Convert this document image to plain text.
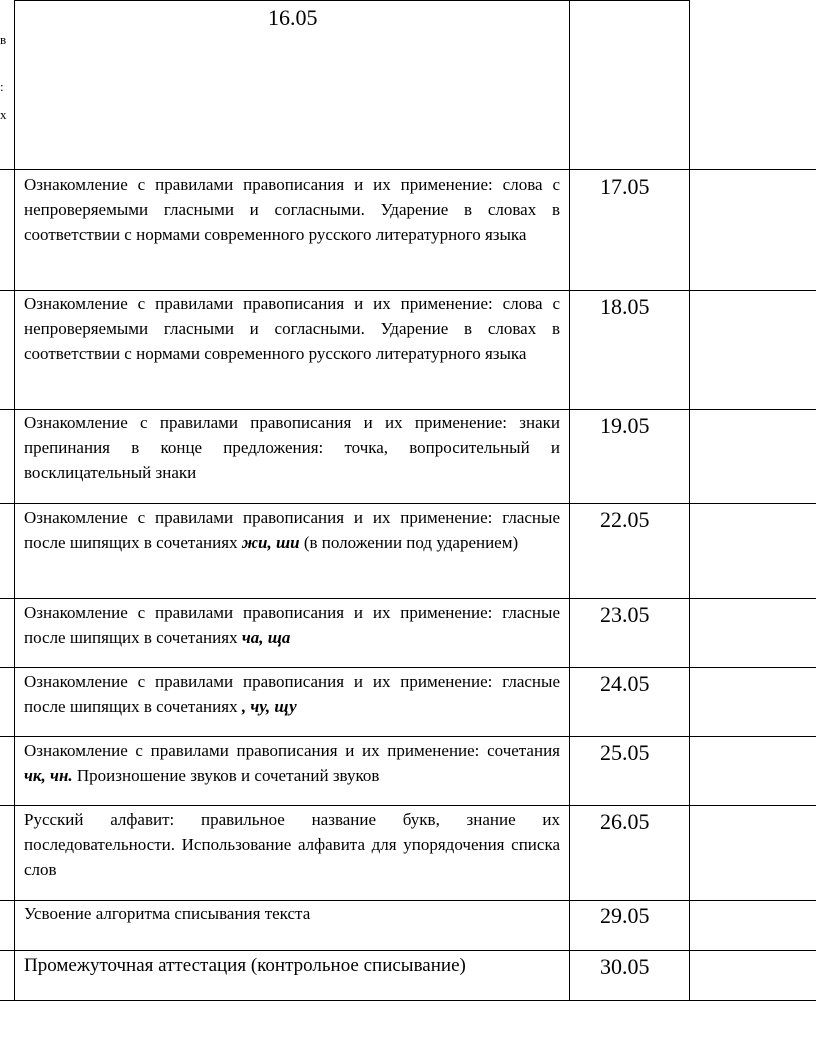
в
:
х
16.05
Ознакомление с правилами правописания и их применение: слова с непроверяемыми гласными и согласными. Ударение в словах в соответствии с нормами современного русского литературного языка
17.05
Ознакомление с правилами правописания и их применение: слова с непроверяемыми гласными и согласными. Ударение в словах в соответствии с нормами современного русского литературного языка
18.05
Ознакомление с правилами правописания и их применение: знаки препинания в конце предложения: точка, вопросительный и восклицательный знаки
19.05
Ознакомление с правилами правописания и их применение: гласные после шипящих в сочетаниях жи, ши (в положении под ударением)
22.05
Ознакомление с правилами правописания и их применение: гласные после шипящих в сочетаниях ча, ща
23.05
Ознакомление с правилами правописания и их применение: гласные после шипящих в сочетаниях , чу, щу
24.05
Ознакомление с правилами правописания и их применение: сочетания чк, чн. Произношение звуков и сочетаний звуков
25.05
Русский алфавит: правильное название букв, знание их последовательности. Использование алфавита для упорядочения списка слов
26.05
Усвоение алгоритма списывания текста	29.05
Промежуточная аттестация (контрольное списывание)	30.05
